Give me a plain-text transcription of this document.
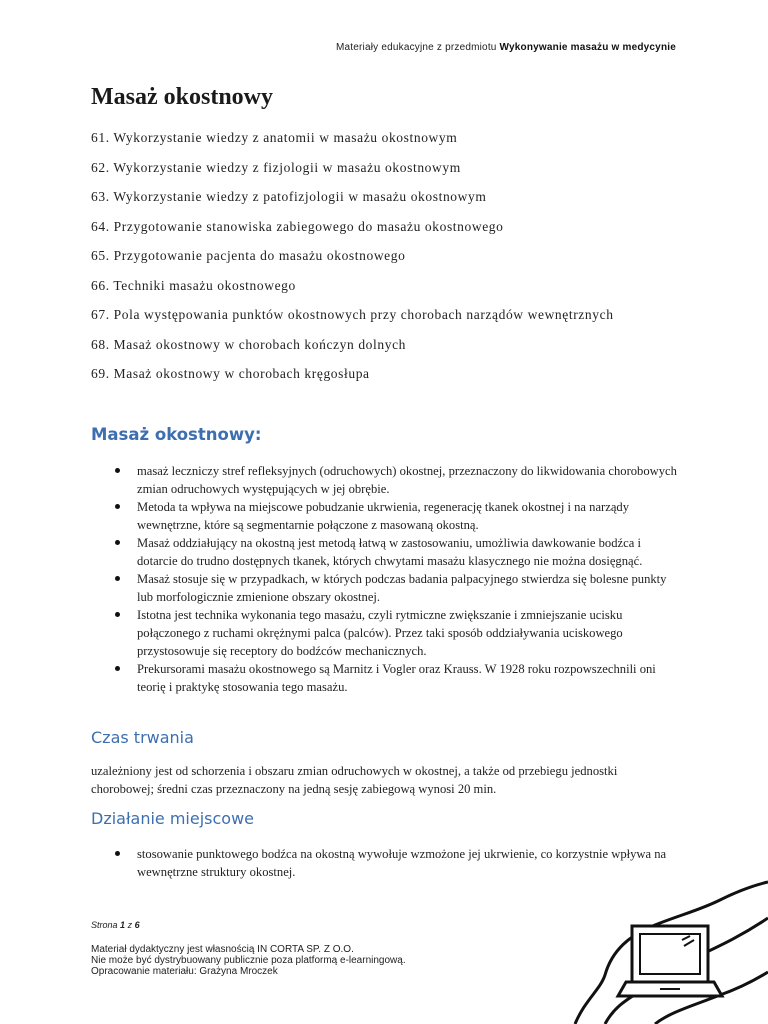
Materiały edukacyjne z przedmiotu Wykonywanie masażu w medycynie
Masaż okostnowy
61. Wykorzystanie wiedzy z anatomii w masażu okostnowym
62. Wykorzystanie wiedzy z fizjologii w masażu okostnowym
63. Wykorzystanie wiedzy z patofizjologii w masażu okostnowym
64. Przygotowanie stanowiska zabiegowego do masażu okostnowego
65. Przygotowanie pacjenta do masażu okostnowego
66. Techniki masażu okostnowego
67. Pola występowania punktów okostnowych przy chorobach narządów wewnętrznych
68. Masaż okostnowy w chorobach kończyn dolnych
69. Masaż okostnowy w chorobach kręgosłupa
Masaż okostnowy:
masaż leczniczy stref refleksyjnych (odruchowych) okostnej, przeznaczony do likwidowania chorobowych zmian odruchowych występujących w jej obrębie.
Metoda ta wpływa na miejscowe pobudzanie ukrwienia, regenerację tkanek okostnej i na narządy wewnętrzne, które są segmentarnie połączone z masowaną okostną.
Masaż oddziałujący na okostną jest metodą łatwą w zastosowaniu, umożliwia dawkowanie bodźca i dotarcie do trudno dostępnych tkanek, których chwytami masażu klasycznego nie można dosięgnąć.
Masaż stosuje się w przypadkach, w których podczas badania palpacyjnego stwierdza się bolesne punkty lub morfologicznie zmienione obszary okostnej.
Istotna jest technika wykonania tego masażu, czyli rytmiczne zwiększanie i zmniejszanie ucisku połączonego z ruchami okrężnymi palca (palców). Przez taki sposób oddziaływania uciskowego przystosowuje się receptory do bodźców mechanicznych.
Prekursorami masażu okostnowego są Marnitz i Vogler oraz Krauss. W 1928 roku rozpowszechnili oni teorię i praktykę stosowania tego masażu.
Czas trwania

uzależniony jest od schorzenia i obszaru zmian odruchowych w okostnej, a także od przebiegu jednostki chorobowej; średni czas przeznaczony na jedną sesję zabiegową wynosi 20 min.

Działanie miejscowe
stosowanie punktowego bodźca na okostną wywołuje wzmożone jej ukrwienie, co korzystnie wpływa na wewnętrzne struktury okostnej.
Strona 1 z 6
Materiał dydaktyczny jest własnością IN CORTA SP. Z O.O.
Nie może być dystrybuowany publicznie poza platformą e-learningową.
Opracowanie materiału: Grażyna Mroczek
